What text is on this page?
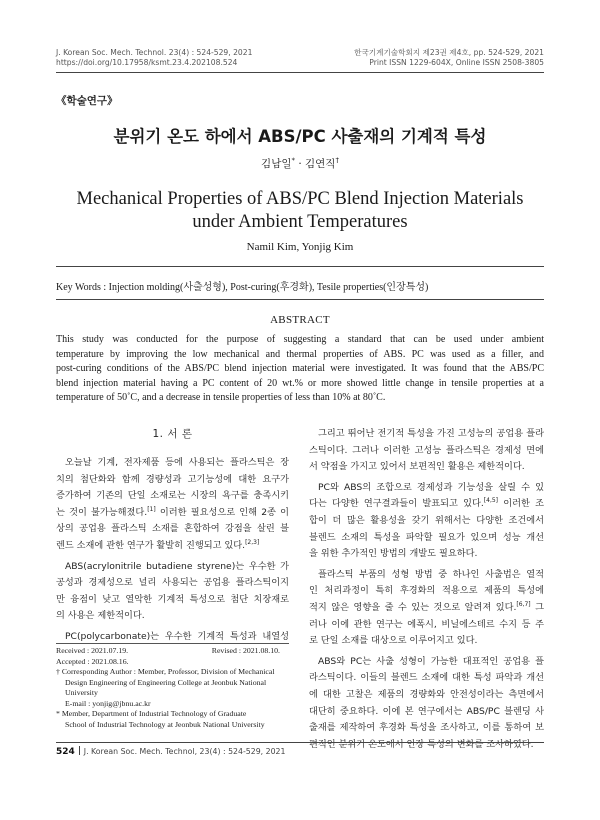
J. Korean Soc. Mech. Technol. 23(4) : 524-529, 2021
https://doi.org/10.17958/ksmt.23.4.202108.524
한국기계기술학회지 제23권 제4호, pp. 524-529, 2021
Print ISSN 1229-604X, Online ISSN 2508-3805
《학술연구》
분위기 온도 하에서 ABS/PC 사출재의 기계적 특성
김남일* · 김연직†
Mechanical Properties of ABS/PC Blend Injection Materials
under Ambient Temperatures
Namil Kim, Yonjig Kim
Key Words : Injection molding(사출성형), Post-curing(후경화), Tesile properties(인장특성)
ABSTRACT
This study was conducted for the purpose of suggesting a standard that can be used under ambient
temperature by improving the low mechanical and thermal properties of ABS. PC was used as a filler, and
post-curing conditions of the ABS/PC blend injection material were investigated. It was found that the ABS/PC
blend injection material having a PC content of 20 wt.% or more showed little change in tensile properties at a
temperature of 50˚C, and a decrease in tensile properties of less than 10% at 80˚C.
1. 서 론
오늘날 기계, 전자제품 등에 사용되는 플라스틱은 장
치의 첨단화와 함께 경량성과 고기능성에 대한 요구가
증가하여 기존의 단일 소재로는 시장의 욕구를 충족시키
는 것이 불가능해졌다.[1] 이러한 필요성으로 인해 2종 이
상의 공업용 플라스틱 소재를 혼합하여 강점을 살린 블
렌드 소재에 관한 연구가 활발히 진행되고 있다.[2,3]
ABS(acrylonitrile butadiene styrene)는 우수한 가
공성과 경제성으로 널리 사용되는 공업용 플라스틱이지
만 융점이 낮고 열악한 기계적 특성으로 첨단 치장재로
의 사용은 제한적이다.
PC(polycarbonate)는 우수한 기계적 특성과 내열성
그리고 뛰어난 전기적 특성을 가진 고성능의 공업용 플라
스틱이다. 그러나 이러한 고성능 플라스틱은 경제성 면에
서 약점을 가지고 있어서 보편적인 활용은 제한적이다.
PC와 ABS의 조합으로 경제성과 기능성을 살릴 수 있
다는 다양한 연구결과들이 발표되고 있다.[4,5] 이러한 조
합이 더 많은 활용성을 갖기 위해서는 다양한 조건에서
블렌드 소재의 특성을 파악할 필요가 있으며 성능 개선
을 위한 추가적인 방법의 개발도 필요하다.
플라스틱 부품의 성형 방법 중 하나인 사출법은 열적
인 처리과정이 특히 후경화의 적용으로 제품의 특성에
적지 않은 영향을 줄 수 있는 것으로 알려져 있다.[6,7] 그
러나 이에 관한 연구는 에폭시, 비닐에스테르 수지 등 주
로 단일 소재를 대상으로 이루어지고 있다.
ABS와 PC는 사출 성형이 가능한 대표적인 공업용 플
라스틱이다. 이들의 블렌드 소재에 대한 특성 파악과 개선
에 대한 고찰은 제품의 경량화와 안전성이라는 측면에서
대단히 중요하다. 이에 본 연구에서는 ABS/PC 블렌딩 사
출재를 제작하여 후경화 특성을 조사하고, 이를 통하여 보
편적인 분위기 온도에서 인장 특성의 변화를 조사하였다.
Received : 2021.07.19.	Revised : 2021.08.10.
Accepted : 2021.08.16.
† Corresponding Author : Member, Professor, Division of Mechanical
Design Engineering of Engineering College at Jeonbuk National
University
E-mail : yonjig@jbnu.ac.kr
* Member, Department of Industrial Technology of Graduate
School of Industrial Technology at Jeonbuk National University
524 J. Korean Soc. Mech. Technol, 23(4) : 524-529, 2021
